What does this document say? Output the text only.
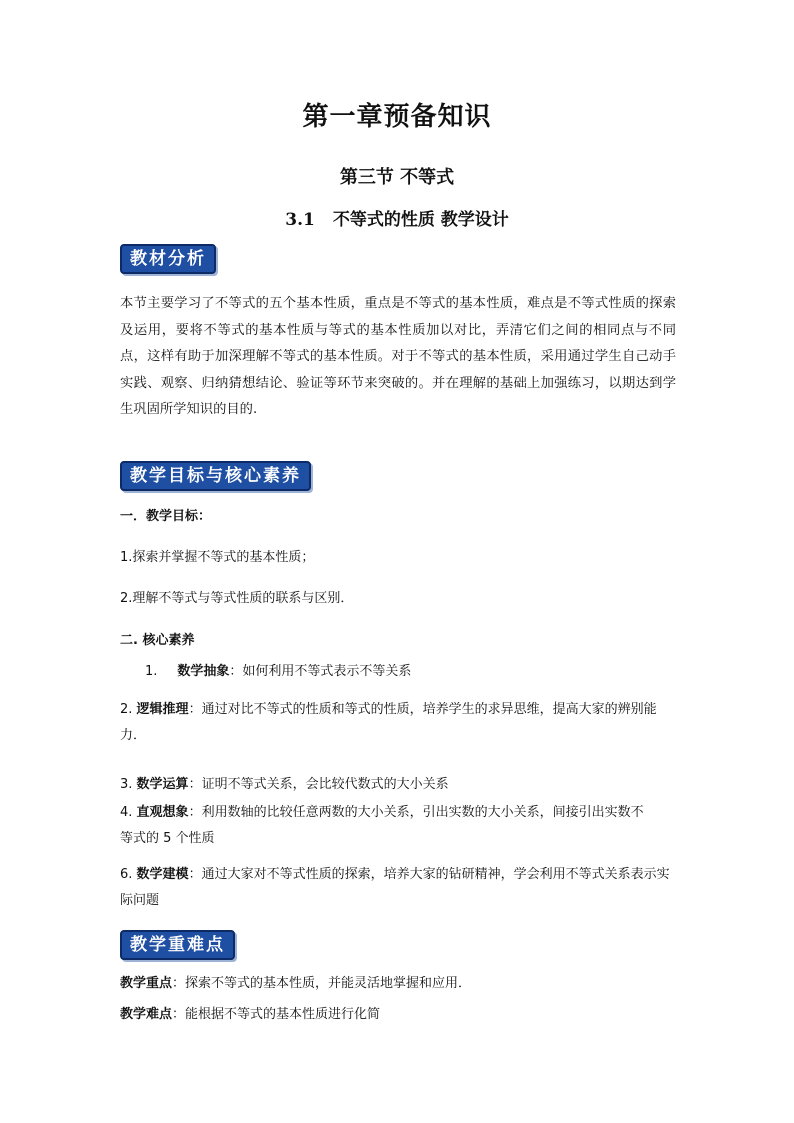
第一章预备知识
第三节 不等式
3.1 不等式的性质 教学设计
教材分析
本节主要学习了不等式的五个基本性质，重点是不等式的基本性质，难点是不等式性质的探索及运用，要将不等式的基本性质与等式的基本性质加以对比，弄清它们之间的相同点与不同点，这样有助于加深理解不等式的基本性质。对于不等式的基本性质，采用通过学生自己动手实践、观察、归纳猜想结论、验证等环节来突破的。并在理解的基础上加强练习，以期达到学生巩固所学知识的目的.
教学目标与核心素养
一．教学目标：
1.探索并掌握不等式的基本性质；
2.理解不等式与等式性质的联系与区别．
二. 核心素养
1. 数学抽象：如何利用不等式表示不等关系
2. 逻辑推理：通过对比不等式的性质和等式的性质，培养学生的求异思维，提高大家的辨别能力．
3. 数学运算：证明不等式关系，会比较代数式的大小关系
4. 直观想象：利用数轴的比较任意两数的大小关系，引出实数的大小关系，间接引出实数不等式的 5 个性质
6. 数学建模：通过大家对不等式性质的探索，培养大家的钻研精神，学会利用不等式关系表示实际问题
教学重难点
教学重点：探索不等式的基本性质，并能灵活地掌握和应用．
教学难点：能根据不等式的基本性质进行化简
